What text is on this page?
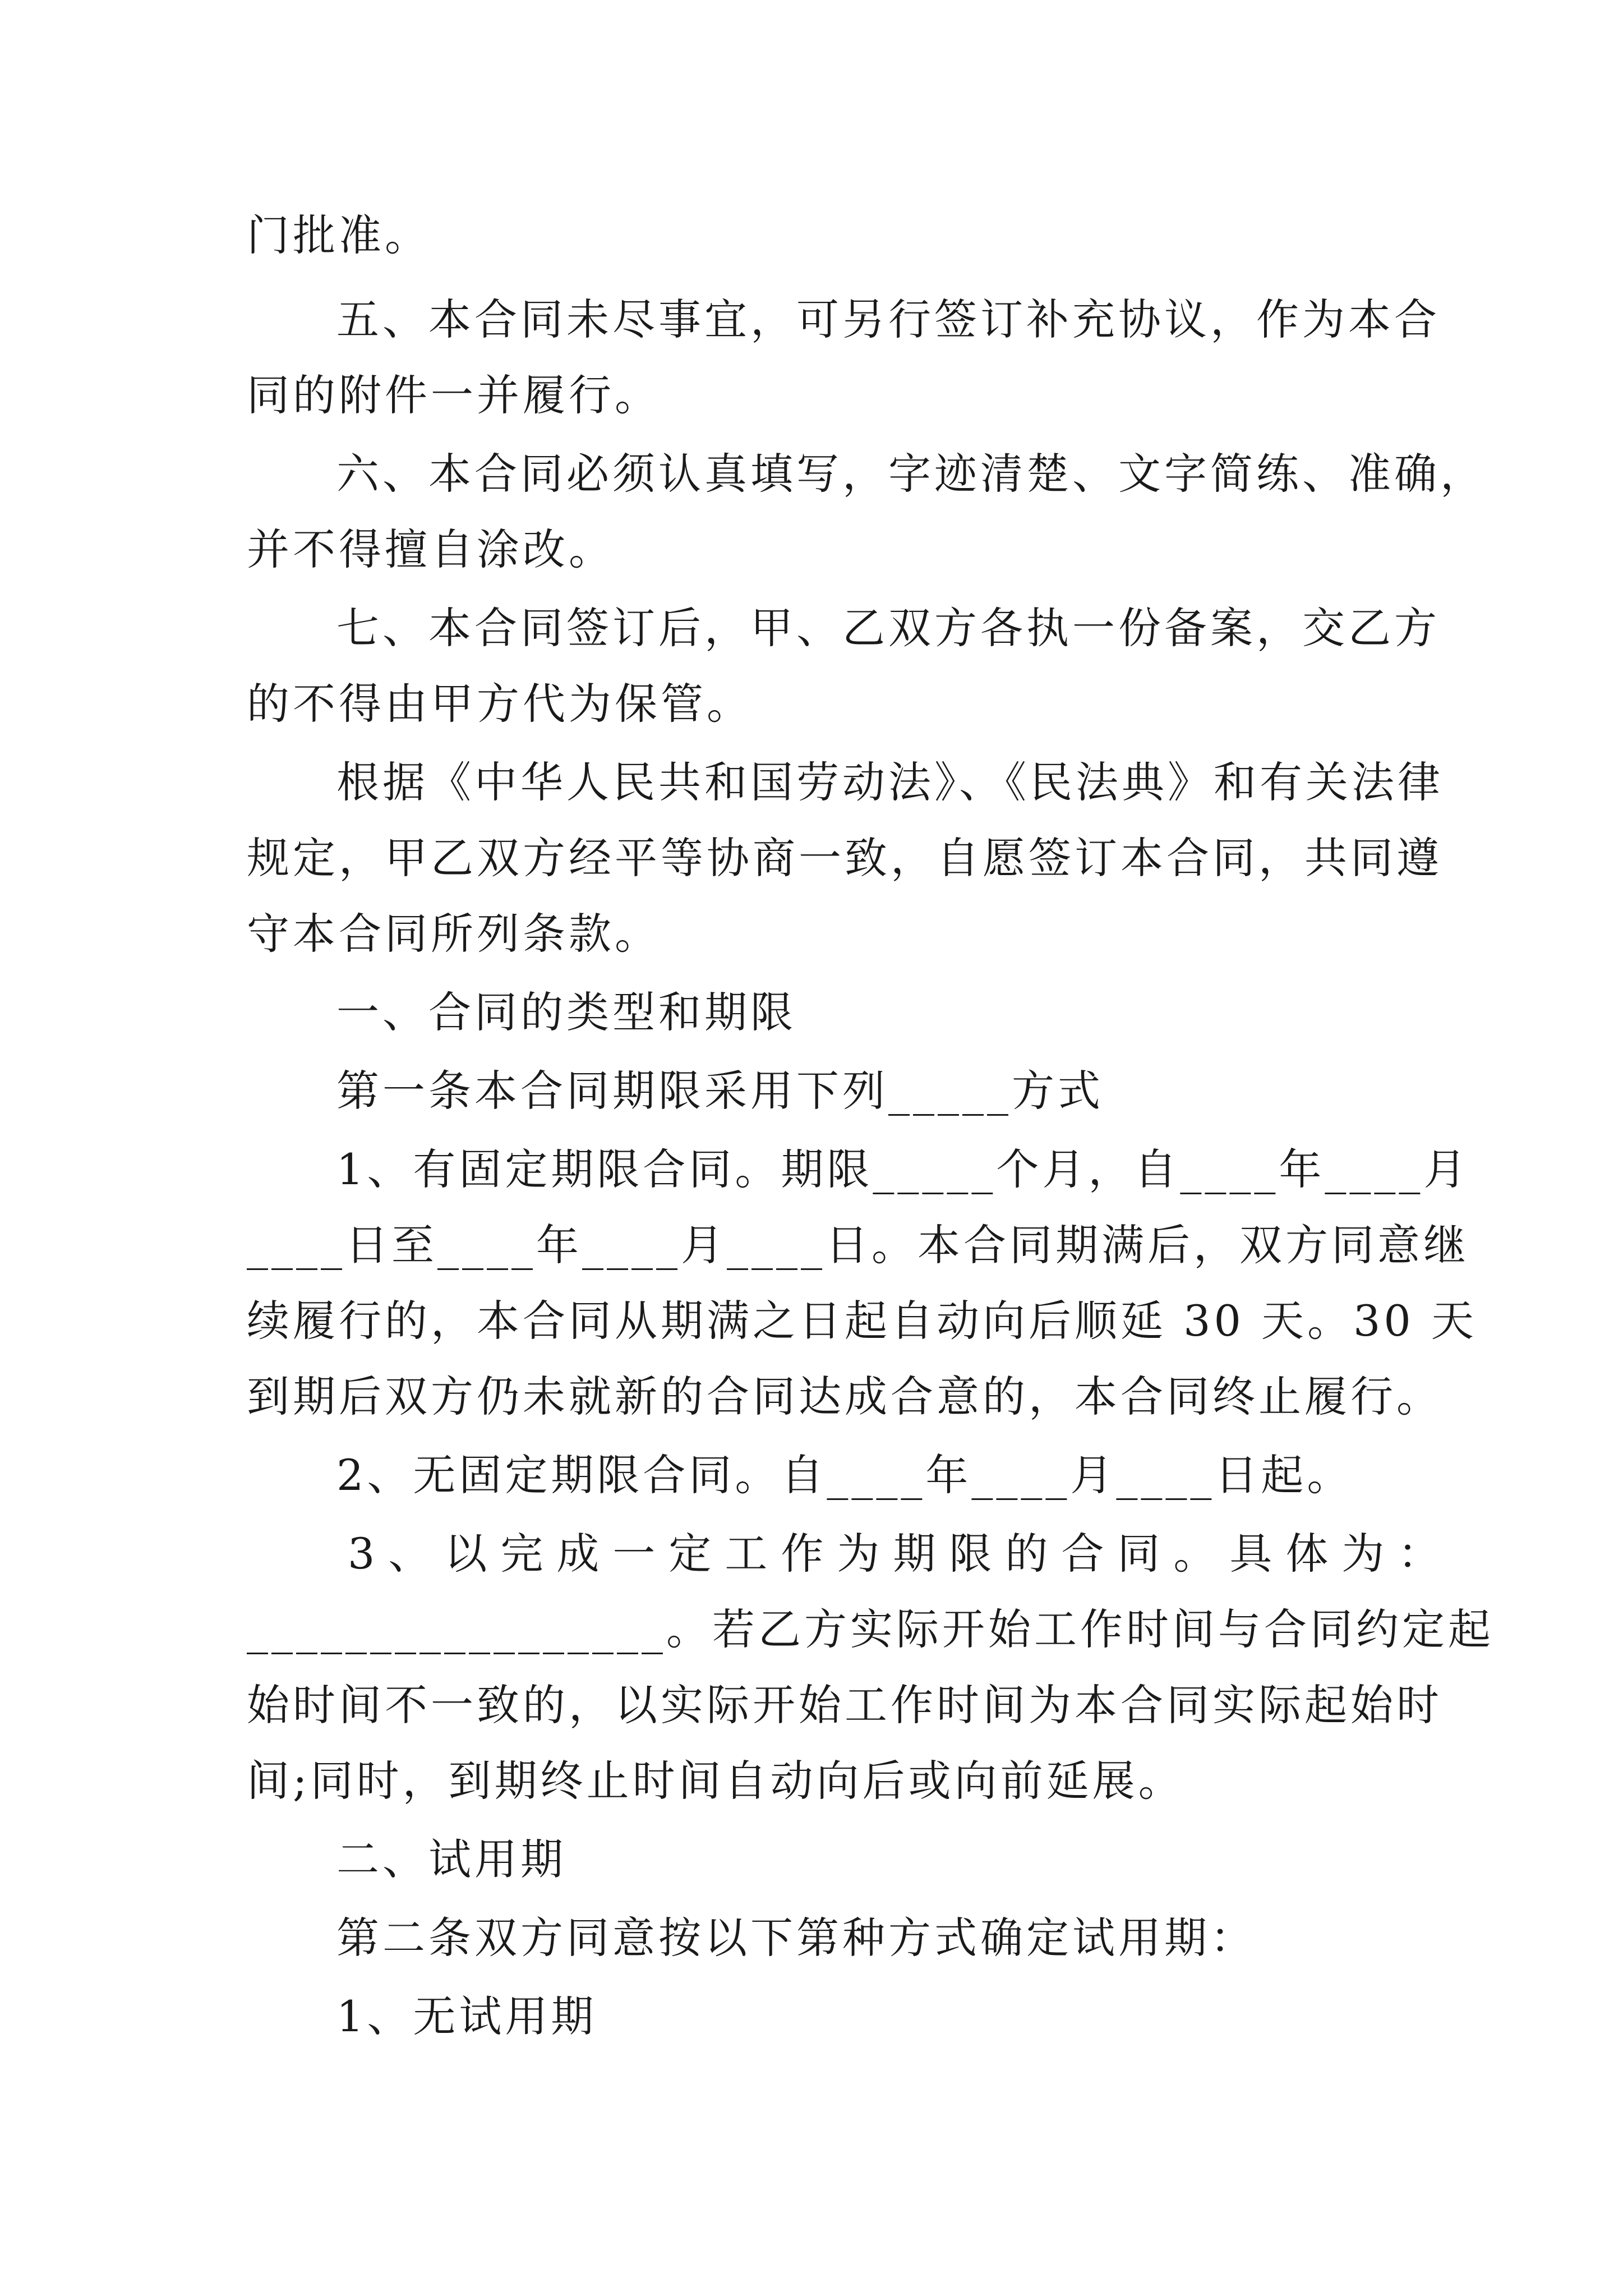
门批准。
五、本合同未尽事宜，可另行签订补充协议，作为本合
同的附件一并履行。
六、本合同必须认真填写，字迹清楚、文字简练、准确，
并不得擅自涂改。
七、本合同签订后，甲、乙双方各执一份备案，交乙方
的不得由甲方代为保管。
根据《中华人民共和国劳动法》、《民法典》和有关法律
规定，甲乙双方经平等协商一致，自愿签订本合同，共同遵
守本合同所列条款。
一、合同的类型和期限
第一条本合同期限采用下列_____方式
1、有固定期限合同。期限_____个月，自____年____月
____日至____年____月____日。本合同期满后，双方同意继
续履行的，本合同从期满之日起自动向后顺延 30 天。30 天
到期后双方仍未就新的合同达成合意的，本合同终止履行。
2、无固定期限合同。自____年____月____日起。
3、以完成一定工作为期限的合同。具体为：
_________________。若乙方实际开始工作时间与合同约定起
始时间不一致的，以实际开始工作时间为本合同实际起始时
间;同时，到期终止时间自动向后或向前延展。
二、试用期
第二条双方同意按以下第种方式确定试用期：
1、无试用期
